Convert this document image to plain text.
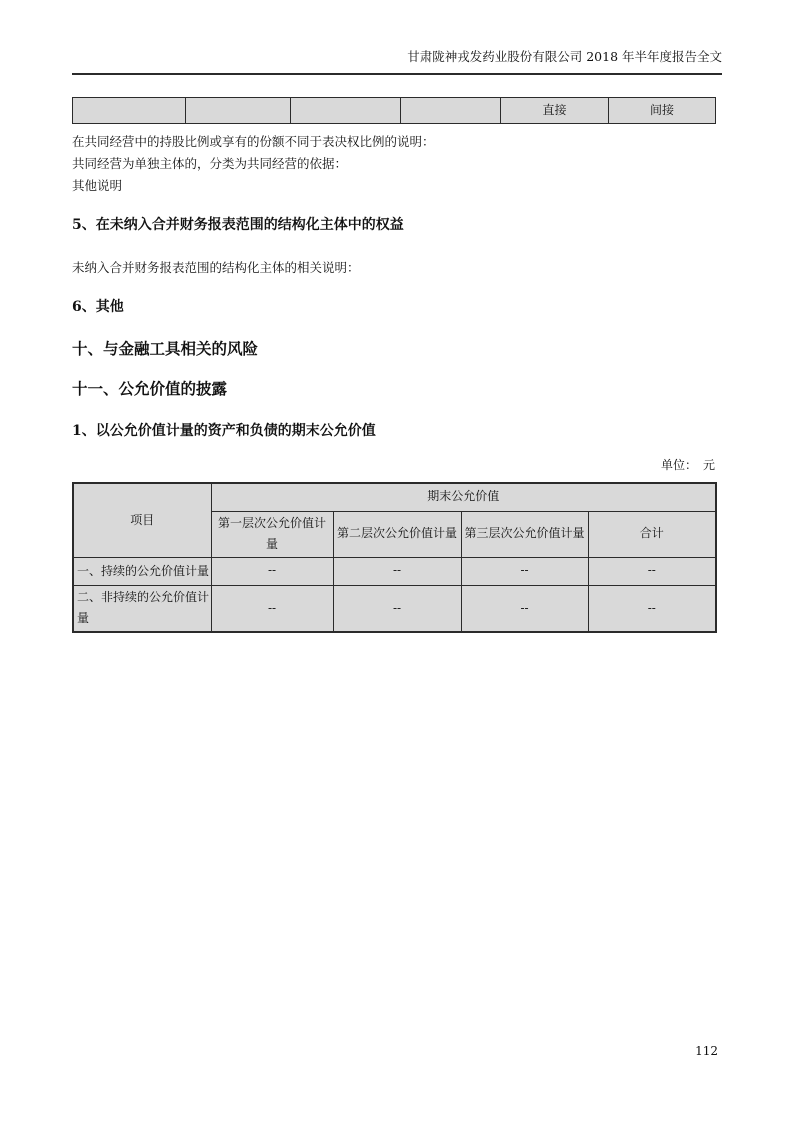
甘肃陇神戎发药业股份有限公司 2018 年半年度报告全文
				直接	间接
在共同经营中的持股比例或享有的份额不同于表决权比例的说明：
共同经营为单独主体的，分类为共同经营的依据：
其他说明
5、在未纳入合并财务报表范围的结构化主体中的权益
未纳入合并财务报表范围的结构化主体的相关说明：
6、其他
十、与金融工具相关的风险
十一、公允价值的披露
1、以公允价值计量的资产和负债的期末公允价值
单位：　元
项目	期末公允价值			
	第一层次公允价值计量	第二层次公允价值计量	第三层次公允价值计量	合计
一、持续的公允价值计量	--	--	--	--
二、非持续的公允价值计量	--	--	--	--
112
